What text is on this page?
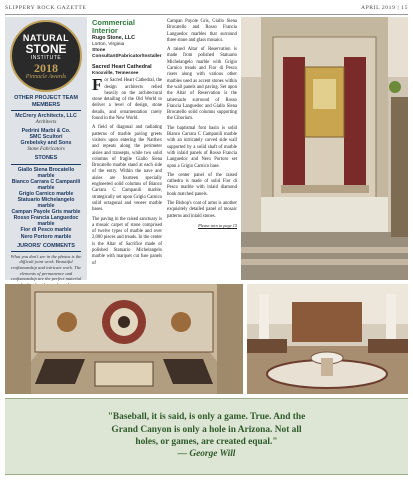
SLIPPERY ROCK GAZETTE	APRIL 2019 | 15
NATURAL
STONE
INSTITUTE
2018
Pinnacle Awards
OTHER PROJECT TEAM MEMBERS
McCrery Architects, LLC
Architects
Pedrini Marbi & Co.
SMC Scultori
Grebelsky and Sons
Stone Fabricators
STONES
Giallo Siena Brocatello marble
Bianco Carrara C Campanili marble
Grigio Carnico marble
Statuario Michelangelo marble
Campan Payole Gris marble
Rosso Francia Languedoc marble
Fior di Pesco marble
Nero Portoro marble
JURORS' COMMENTS
What you don't see in the photos is the difficult joint work. Beautiful craftsmanship and intricate work. The elements of permanence and craftsmanship are the perfect material
Commercial Interior
Rugo Stone, LLC
Lorton, Virginia
Stone Consultant/Fabricator/Installer
Sacred Heart Cathedral
Knoxville, Tennessee

For Sacred Heart Cathedral, the design architects relied heavily on the architectural stone detailing of the Old World to deliver a level of design, stone details, and ornamentation rarely found in the New World.

A field of diagonal and radiating patterns of marble paving greets visitors upon entering the Narthex and repeats along the perimeter aisles and transepts, while two solid columns of fragile Giallo Siena Brocatello marble stand at each side of the entry. Within the nave and aisles are fourteen specially engineered solid columns of Bianco Carrara C Campanili marble, strategically set upon Grigio Carnico solid octagonal and veneer marble bases.

The paving in the raised sanctuary is a mosaic carpet of stone comprised of twelve types of marble and over 2,000 pieces and treads. In the center is the Altar of Sacrifice made of polished Statuario Michelangelo marble with marquet cut fuse panels of

Campan Payole Gris, Giallo Siena Brocatello and Rosso Francia Languedoc marbles that surround three stone and glass mosaics.

A raised Altar of Reservation is made from polished Statuario Michelangelo marble with Grigio Carnico treads and Fior di Pesco risers along with various other marbles used as accent stones within the wall panels and paving. Set upon the Altar of Reservation is the tabernacle surround of Rosso Francia Languedoc and Giallo Siena Brocatello solid columns supporting the Ciborium.

The baptismal font basin is solid Bianco Carrara C Campanili marble with an intricately carved side wall supported by a solid shaft of marble with inlaid panels of Rosso Francia Languedoc and Nero Portoro set upon a Grigio Carnico base.

The center panel of the raised cathedra is made of solid Fior di Pesco marble with inlaid diamond book matched panels.

The Bishop's coat of arms is another exquisitely detailed panel of mosaic patterns and inlaid stones.

Please turn to page 15
"Baseball, it is said, is only a game. True. And the
Grand Canyon is only a hole in Arizona. Not all
holes, or games, are created equal."
— George Will
